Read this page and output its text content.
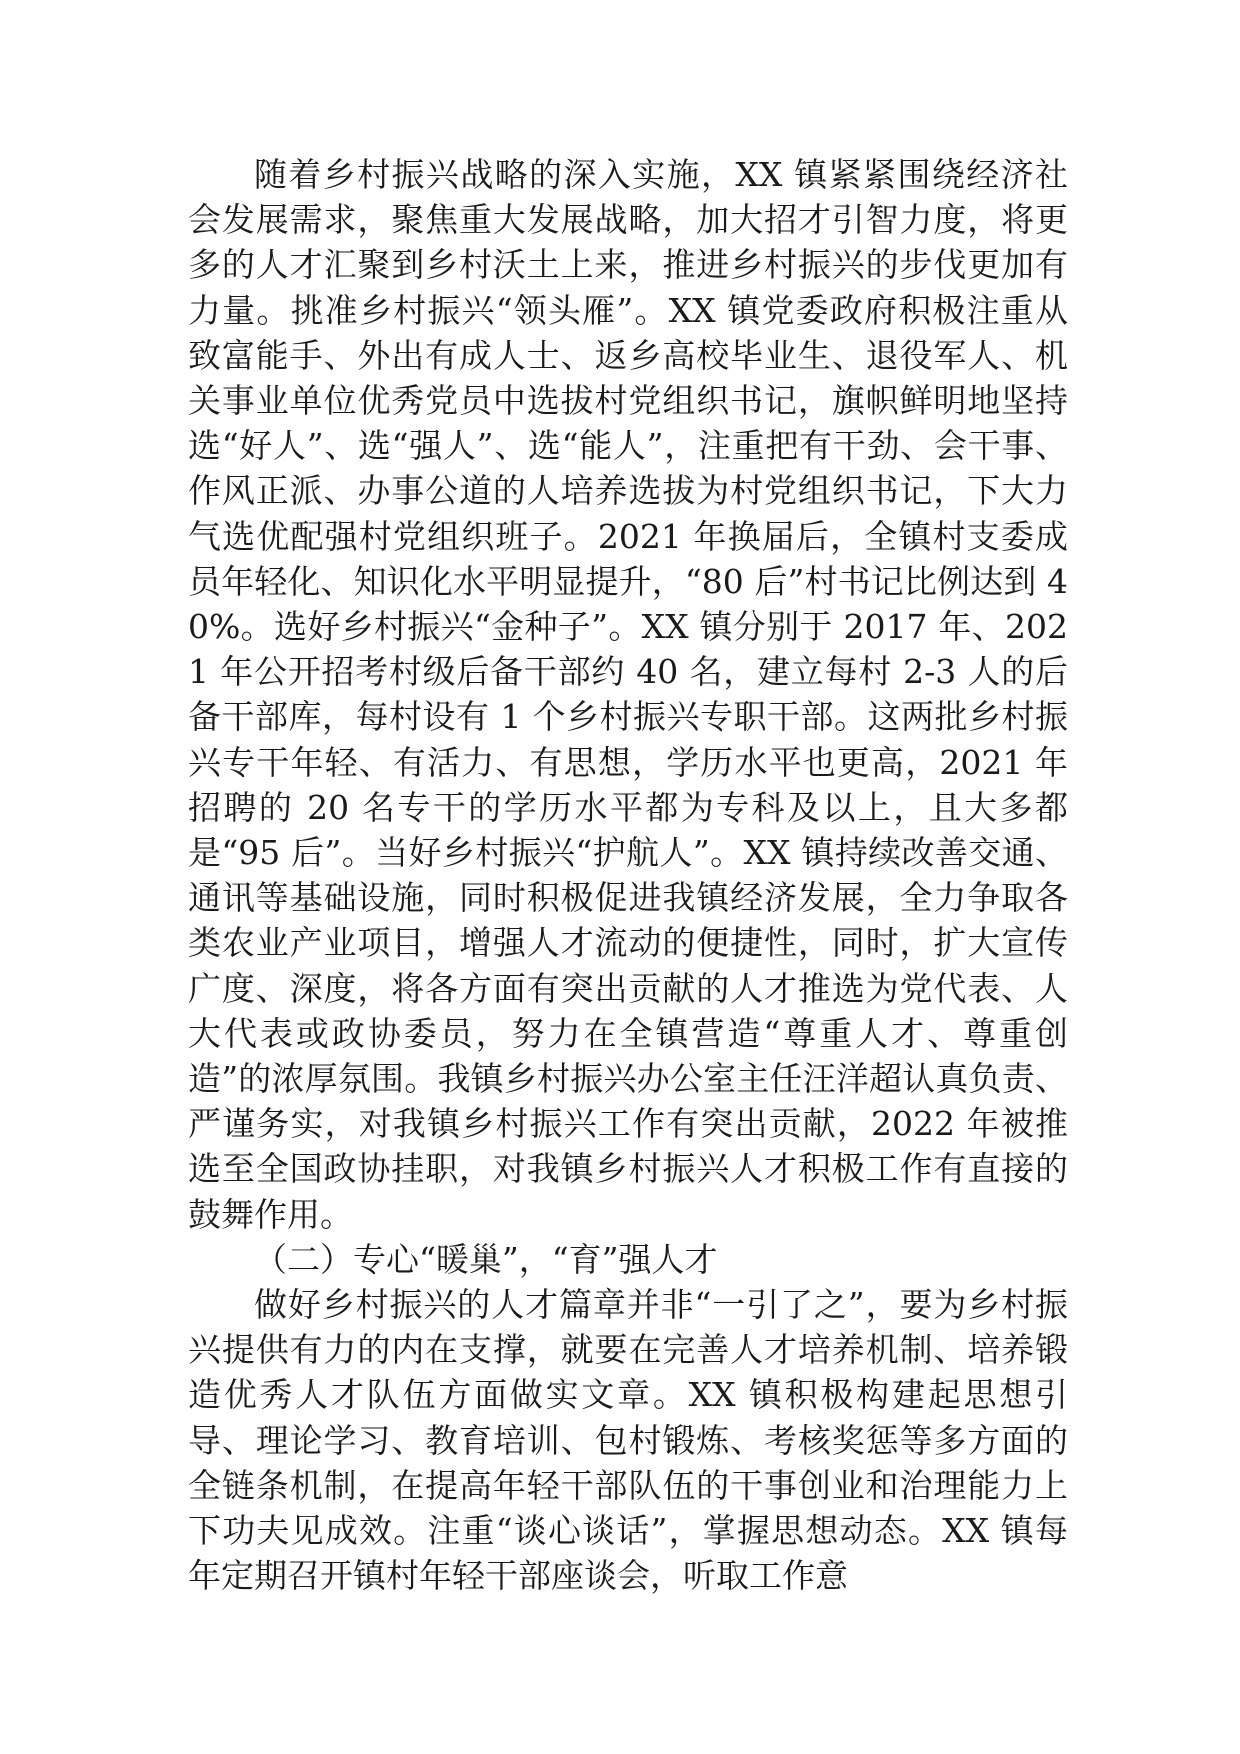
随着乡村振兴战略的深入实施，XX 镇紧紧围绕经济社会发展需求，聚焦重大发展战略，加大招才引智力度，将更多的人才汇聚到乡村沃土上来，推进乡村振兴的步伐更加有力量。挑准乡村振兴“领头雁”。XX 镇党委政府积极注重从致富能手、外出有成人士、返乡高校毕业生、退役军人、机关事业单位优秀党员中选拔村党组织书记，旗帜鲜明地坚持选“好人”、选“强人”、选“能人”，注重把有干劲、会干事、作风正派、办事公道的人培养选拔为村党组织书记，下大力气选优配强村党组织班子。2021 年换届后，全镇村支委成员年轻化、知识化水平明显提升，“80 后”村书记比例达到 40%。选好乡村振兴“金种子”。XX 镇分别于 2017 年、2021 年公开招考村级后备干部约 40 名，建立每村 2-3 人的后备干部库，每村设有 1 个乡村振兴专职干部。这两批乡村振兴专干年轻、有活力、有思想，学历水平也更高，2021 年招聘的 20 名专干的学历水平都为专科及以上，且大多都是“95 后”。当好乡村振兴“护航人”。XX 镇持续改善交通、通讯等基础设施，同时积极促进我镇经济发展，全力争取各类农业产业项目，增强人才流动的便捷性，同时，扩大宣传广度、深度，将各方面有突出贡献的人才推选为党代表、人大代表或政协委员，努力在全镇营造“尊重人才、尊重创造”的浓厚氛围。我镇乡村振兴办公室主任汪洋超认真负责、严谨务实，对我镇乡村振兴工作有突出贡献，2022 年被推选至全国政协挂职，对我镇乡村振兴人才积极工作有直接的鼓舞作用。

（二）专心“暖巢”，“育”强人才

做好乡村振兴的人才篇章并非“一引了之”，要为乡村振兴提供有力的内在支撑，就要在完善人才培养机制、培养锻造优秀人才队伍方面做实文章。XX 镇积极构建起思想引导、理论学习、教育培训、包村锻炼、考核奖惩等多方面的全链条机制，在提高年轻干部队伍的干事创业和治理能力上下功夫见成效。注重“谈心谈话”，掌握思想动态。XX 镇每年定期召开镇村年轻干部座谈会，听取工作意
